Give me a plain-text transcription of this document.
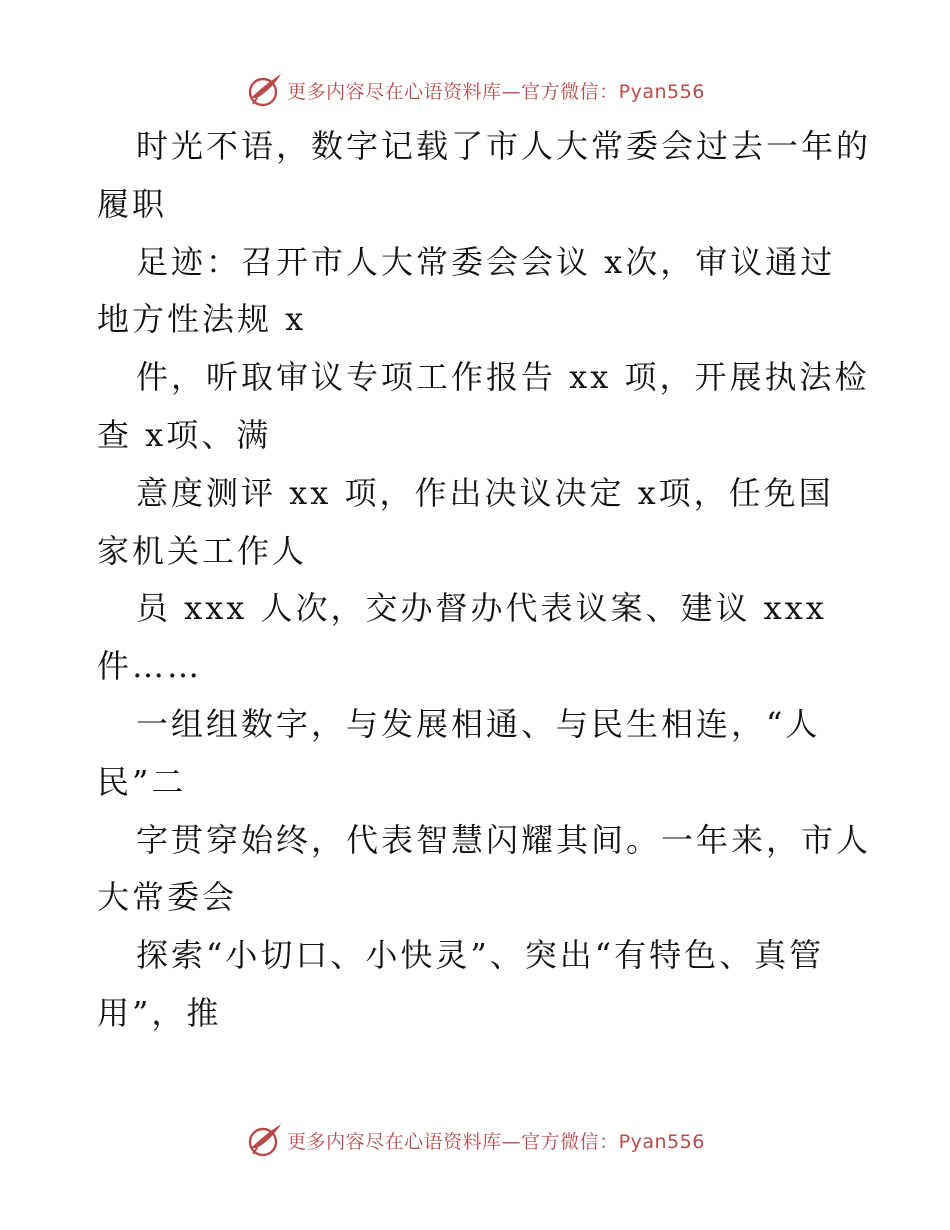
更多内容尽在心语资料库—官方微信：Pyan556
时光不语，数字记载了市人大常委会过去一年的
履职
足迹：召开市人大常委会会议 x次，审议通过
地方性法规 x
件，听取审议专项工作报告 xx 项，开展执法检
查 x项、满
意度测评 xx 项，作出决议决定 x项，任免国
家机关工作人
员 xxx 人次，交办督办代表议案、建议 xxx
件……
一组组数字，与发展相通、与民生相连，“人
民”二
字贯穿始终，代表智慧闪耀其间。一年来，市人
大常委会
探索“小切口、小快灵”、突出“有特色、真管
用”，推
更多内容尽在心语资料库—官方微信：Pyan556
